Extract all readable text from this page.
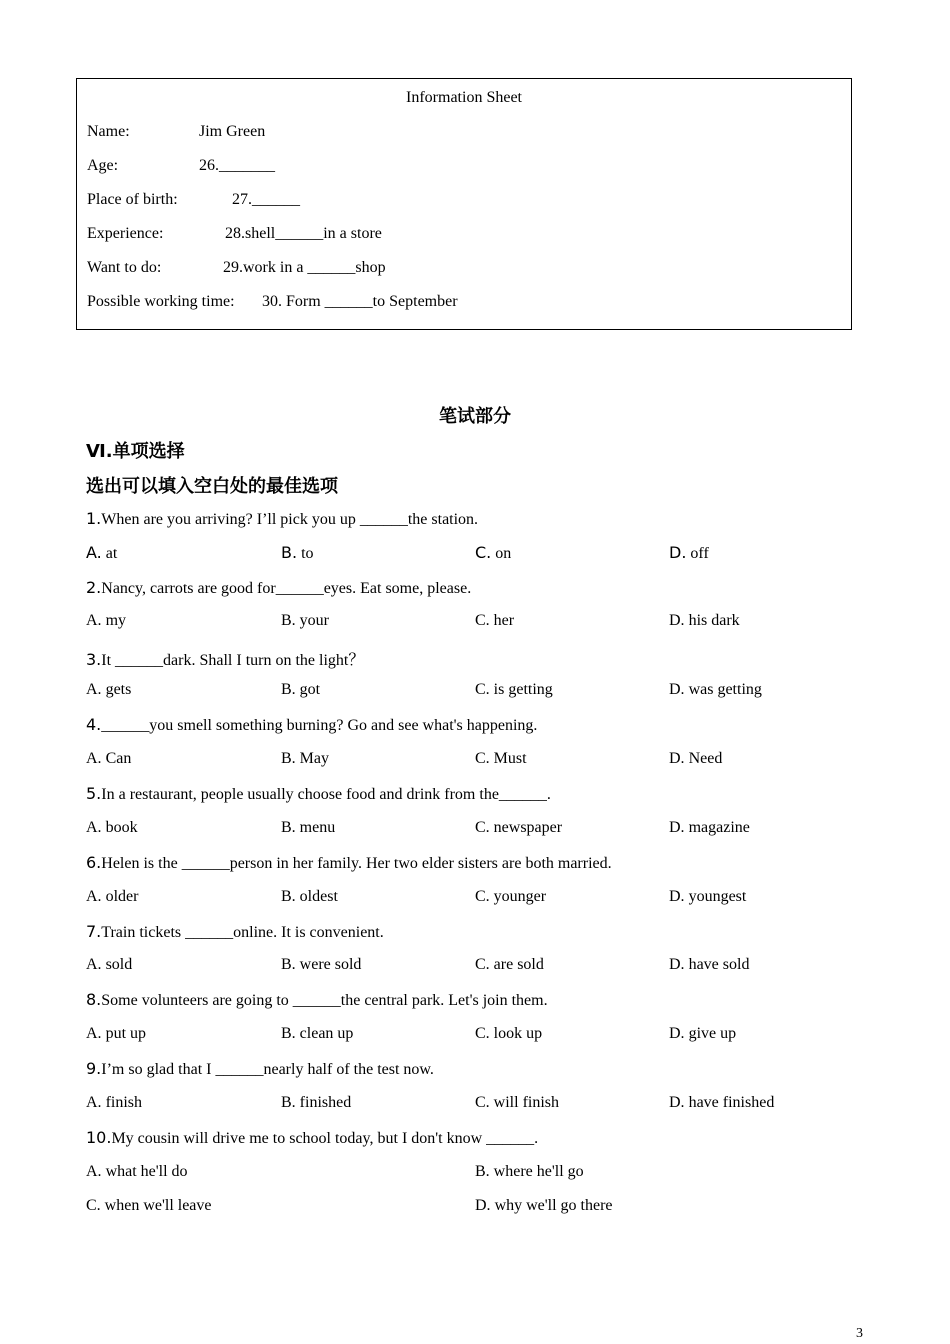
Information Sheet
Name:	Jim Green
Age:	26._______
Place of birth:	27.______
Experience:	28.shell______in a store
Want to do:	29.work in a ______shop
Possible working time: 30. Form ______to September
笔试部分
Ⅵ.单项选择
选出可以填入空白处的最佳选项
1.When are you arriving? I’ll pick you up ______the station.
A. at	B. to	C. on	D. off
2.Nancy, carrots are good for______eyes. Eat some, please.
A. my	B. your	C. her	D. his dark
3.It ______dark. Shall I turn on the light？
A. gets	B. got	C. is getting	D. was getting
4.______you smell something burning? Go and see what's happening.
A. Can	B. May	C. Must	D. Need
5.In a restaurant, people usually choose food and drink from the______.
A. book	B. menu	C. newspaper	D. magazine
6.Helen is the ______person in her family. Her two elder sisters are both married.
A. older	B. oldest	C. younger	D. youngest
7.Train tickets ______online. It is convenient.
A. sold	B. were sold	C. are sold	D. have sold
8.Some volunteers are going to ______the central park. Let's join them.
A. put up	B. clean up	C. look up	D. give up
9.I’m so glad that I ______nearly half of the test now.
A. finish	B. finished	C. will finish	D. have finished
10.My cousin will drive me to school today, but I don't know ______.
A. what he'll do	B. where he'll go
C. when we'll leave	D. why we'll go there
3
